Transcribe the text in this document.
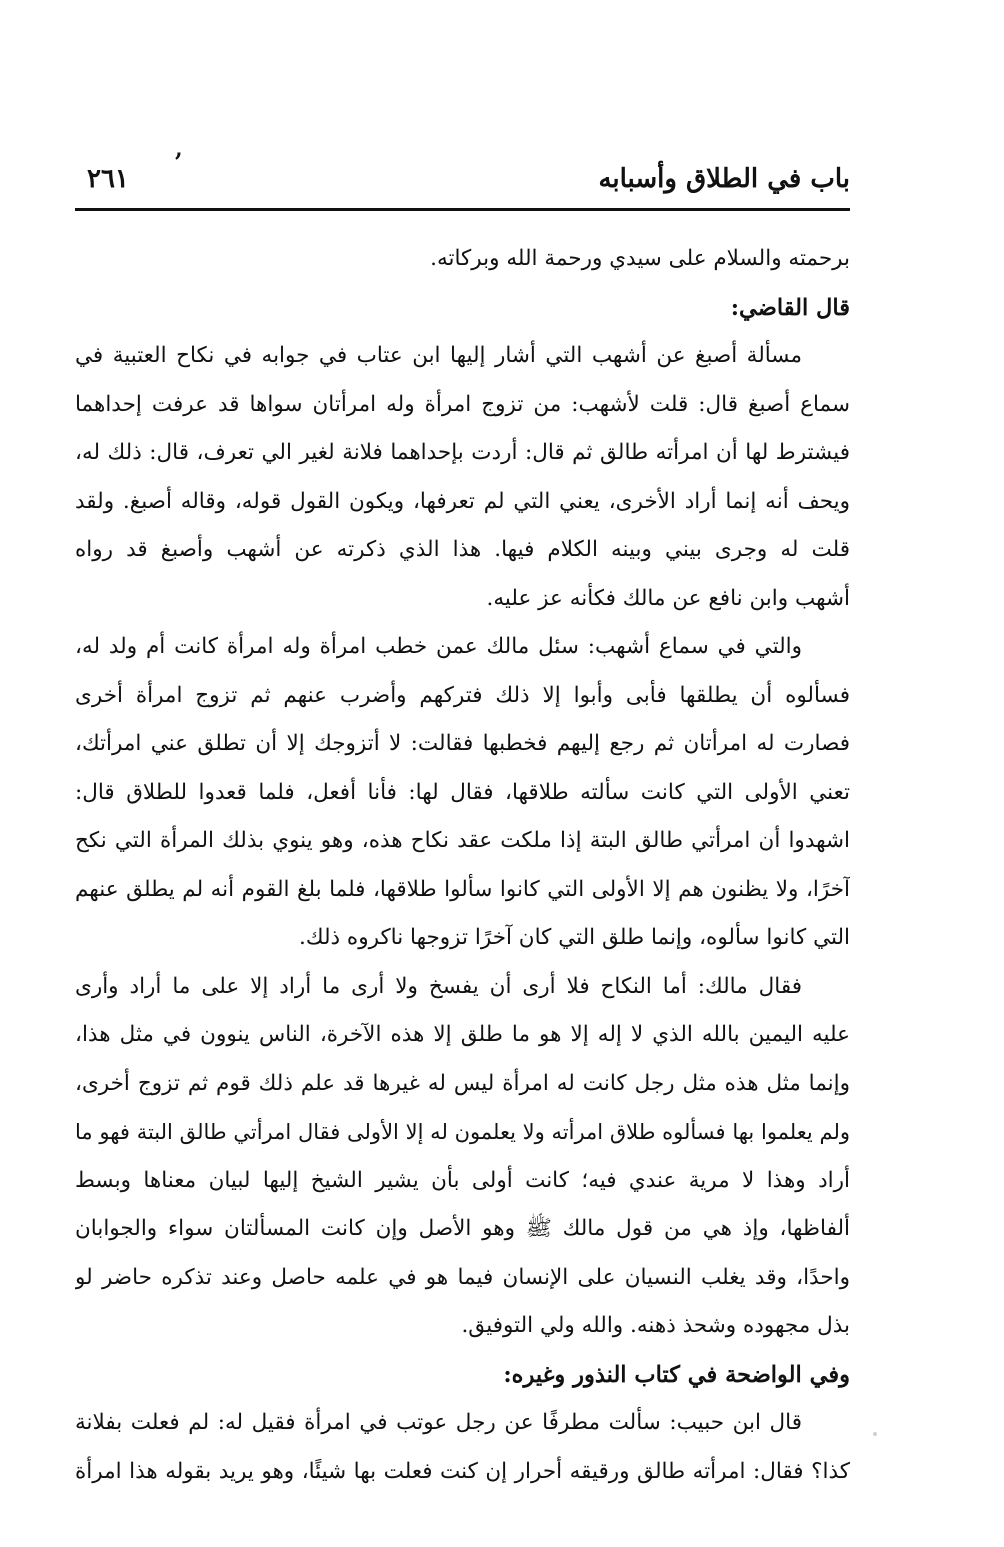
باب في الطلاق وأسبابه
,
٢٦١
برحمته والسلام على سيدي ورحمة الله وبركاته.
قال القاضي:
مسألة أصبغ عن أشهب التي أشار إليها ابن عتاب في جوابه في نكاح العتبية في
سماع أصبغ قال: قلت لأشهب: من تزوج امرأة وله امرأتان سواها قد عرفت إحداهما
فيشترط لها أن امرأته طالق ثم قال: أردت بإحداهما فلانة لغير الي تعرف، قال: ذلك له،
ويحف أنه إنما أراد الأخرى، يعني التي لم تعرفها، ويكون القول قوله، وقاله أصبغ. ولقد
قلت له وجرى بيني وبينه الكلام فيها. هذا الذي ذكرته عن أشهب وأصبغ قد رواه
أشهب وابن نافع عن مالك فكأنه عز عليه.
والتي في سماع أشهب: سئل مالك عمن خطب امرأة وله امرأة كانت أم ولد له،
فسألوه أن يطلقها فأبى وأبوا إلا ذلك فتركهم وأضرب عنهم ثم تزوج امرأة أخرى
فصارت له امرأتان ثم رجع إليهم فخطبها فقالت: لا أتزوجك إلا أن تطلق عني امرأتك،
تعني الأولى التي كانت سألته طلاقها، فقال لها: فأنا أفعل، فلما قعدوا للطلاق قال:
اشهدوا أن امرأتي طالق البتة إذا ملكت عقد نكاح هذه، وهو ينوي بذلك المرأة التي نكح
آخرًا، ولا يظنون هم إلا الأولى التي كانوا سألوا طلاقها، فلما بلغ القوم أنه لم يطلق عنهم
التي كانوا سألوه، وإنما طلق التي كان آخرًا تزوجها ناكروه ذلك.
فقال مالك: أما النكاح فلا أرى أن يفسخ ولا أرى ما أراد إلا على ما أراد وأرى
عليه اليمين بالله الذي لا إله إلا هو ما طلق إلا هذه الآخرة، الناس ينوون في مثل هذا،
وإنما مثل هذه مثل رجل كانت له امرأة ليس له غيرها قد علم ذلك قوم ثم تزوج أخرى،
ولم يعلموا بها فسألوه طلاق امرأته ولا يعلمون له إلا الأولى فقال امرأتي طالق البتة فهو ما
أراد وهذا لا مرية عندي فيه؛ كانت أولى بأن يشير الشيخ إليها لبيان معناها وبسط
ألفاظها، وإذ هي من قول مالك ﷺ وهو الأصل وإن كانت المسألتان سواء والجوابان
واحدًا، وقد يغلب النسيان على الإنسان فيما هو في علمه حاصل وعند تذكره حاضر لو
بذل مجهوده وشحذ ذهنه. والله ولي التوفيق.
وفي الواضحة في كتاب النذور وغيره:
قال ابن حبيب: سألت مطرفًا عن رجل عوتب في امرأة فقيل له: لم فعلت بفلانة
كذا؟ فقال: امرأته طالق ورقيقه أحرار إن كنت فعلت بها شيئًا، وهو يريد بقوله هذا امرأة
